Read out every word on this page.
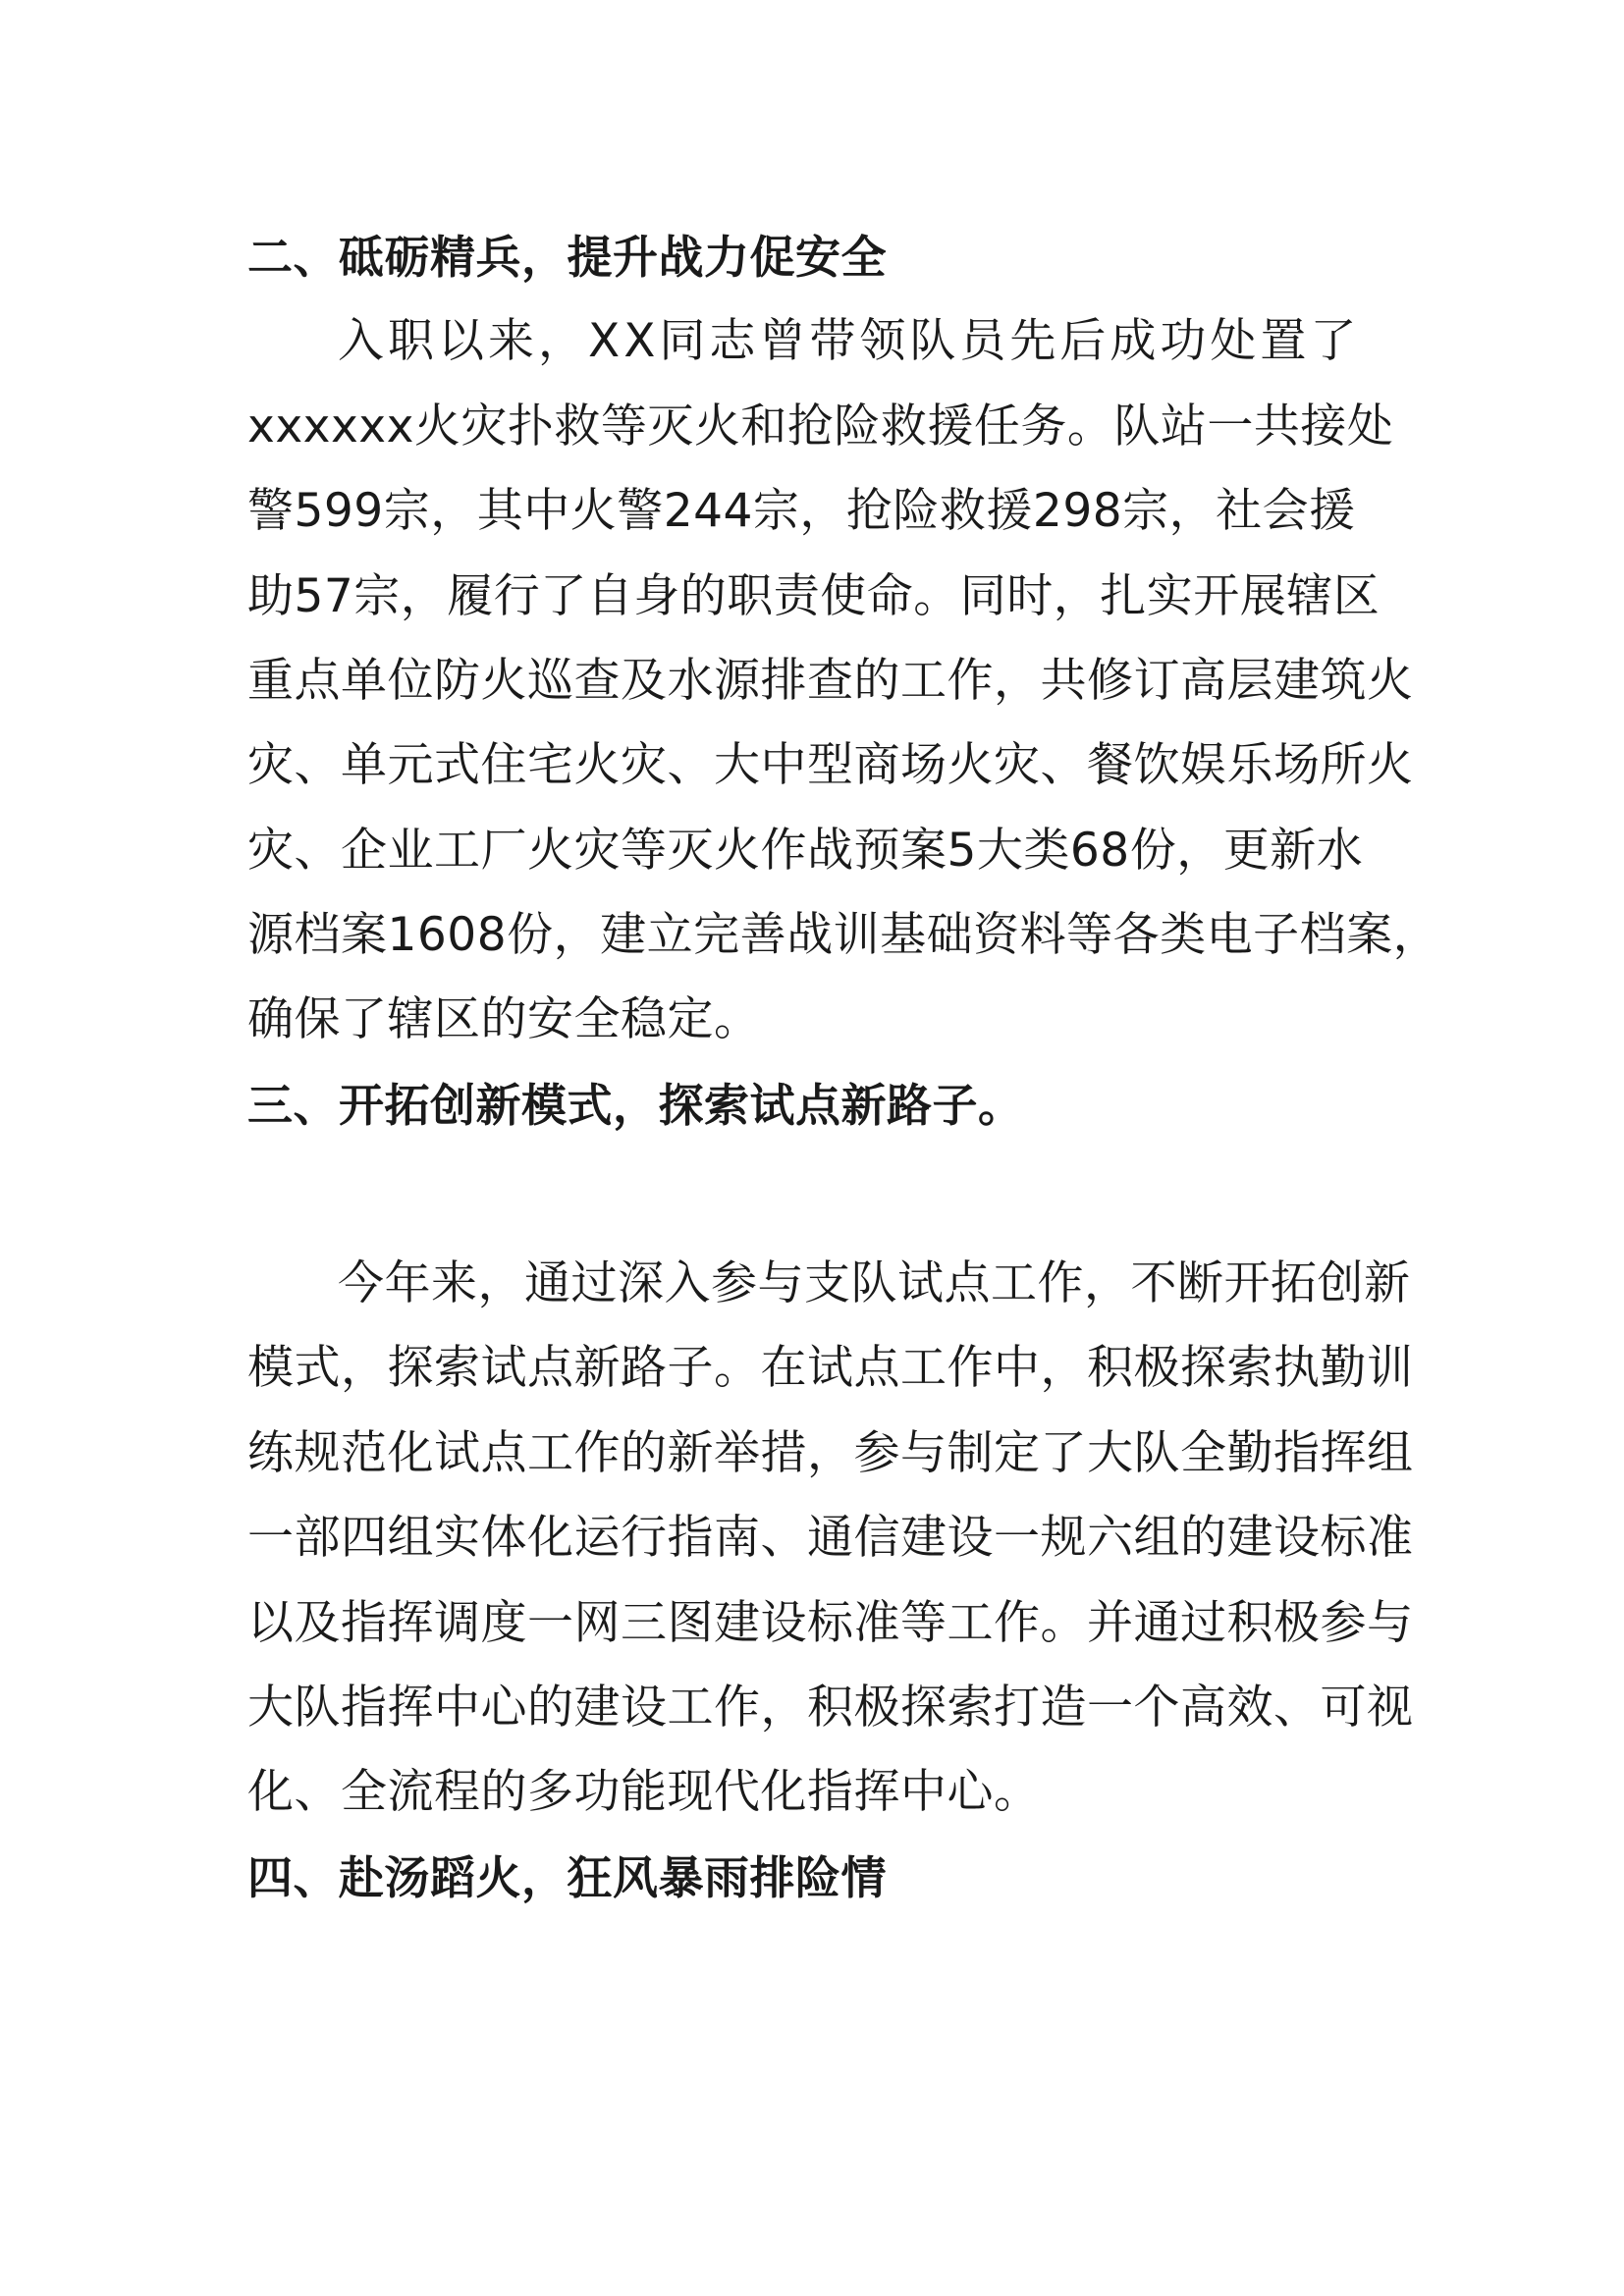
二、砥砺精兵，提升战力促安全
入职以来，XX同志曾带领队员先后成功处置了
xxxxxx火灾扑救等灭火和抢险救援任务。队站一共接处
警599宗，其中火警244宗，抢险救援298宗，社会援
助57宗，履行了自身的职责使命。同时，扎实开展辖区
重点单位防火巡查及水源排查的工作，共修订高层建筑火
灾、单元式住宅火灾、大中型商场火灾、餐饮娱乐场所火
灾、企业工厂火灾等灭火作战预案5大类68份，更新水
源档案1608份，建立完善战训基础资料等各类电子档案，
确保了辖区的安全稳定。
三、开拓创新模式，探索试点新路子。
今年来，通过深入参与支队试点工作，不断开拓创新
模式，探索试点新路子。在试点工作中，积极探索执勤训
练规范化试点工作的新举措，参与制定了大队全勤指挥组
一部四组实体化运行指南、通信建设一规六组的建设标准
以及指挥调度一网三图建设标准等工作。并通过积极参与
大队指挥中心的建设工作，积极探索打造一个高效、可视
化、全流程的多功能现代化指挥中心。
四、赴汤蹈火，狂风暴雨排险情
